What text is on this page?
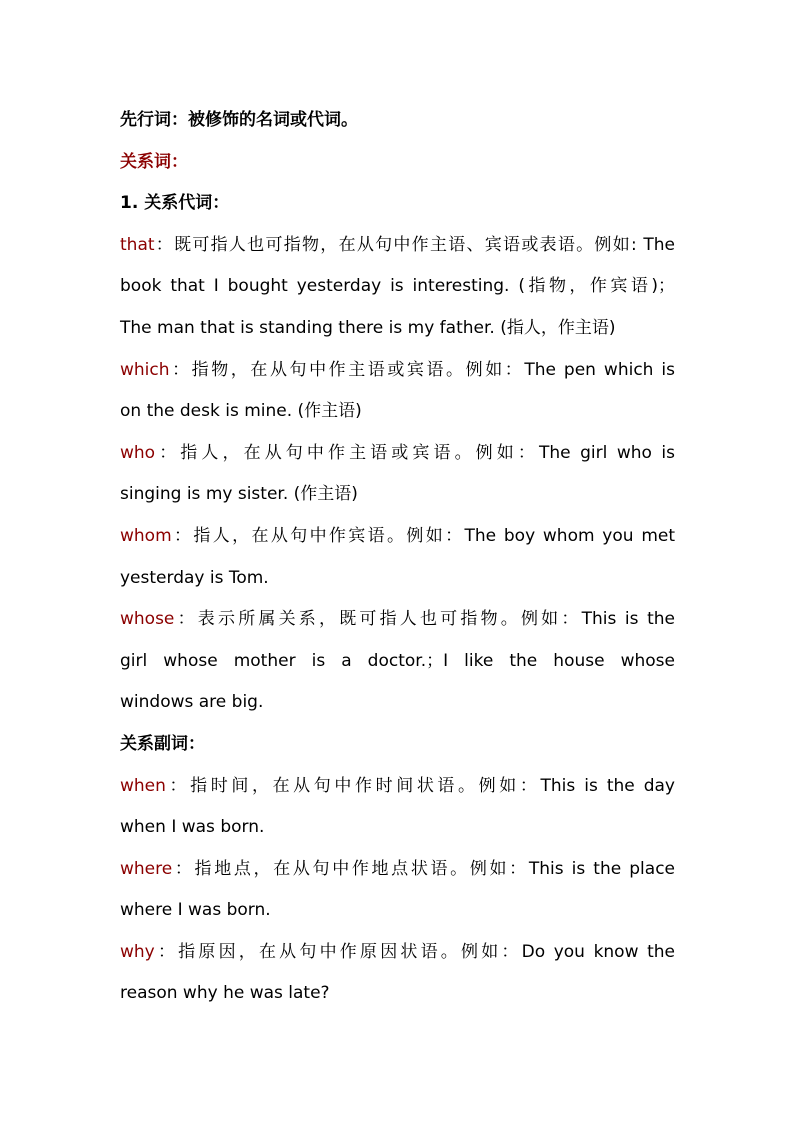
先行词：被修饰的名词或代词。
关系词：
1. 关系代词：
that：既可指人也可指物，在从句中作主语、宾语或表语。例如: The
book that I bought yesterday is interesting. (指物，作宾语)；
The man that is standing there is my father. (指人，作主语)
which：指物，在从句中作主语或宾语。例如：The pen which is
on the desk is mine. (作主语)
who：指人，在从句中作主语或宾语。例如：The girl who is
singing is my sister. (作主语)
whom：指人，在从句中作宾语。例如：The boy whom you met
yesterday is Tom.
whose：表示所属关系，既可指人也可指物。例如：This is the
girl whose mother is a doctor.；I like the house whose
windows are big.
关系副词：
when：指时间，在从句中作时间状语。例如：This is the day
when I was born.
where：指地点，在从句中作地点状语。例如：This is the place
where I was born.
why：指原因，在从句中作原因状语。例如：Do you know the
reason why he was late?
